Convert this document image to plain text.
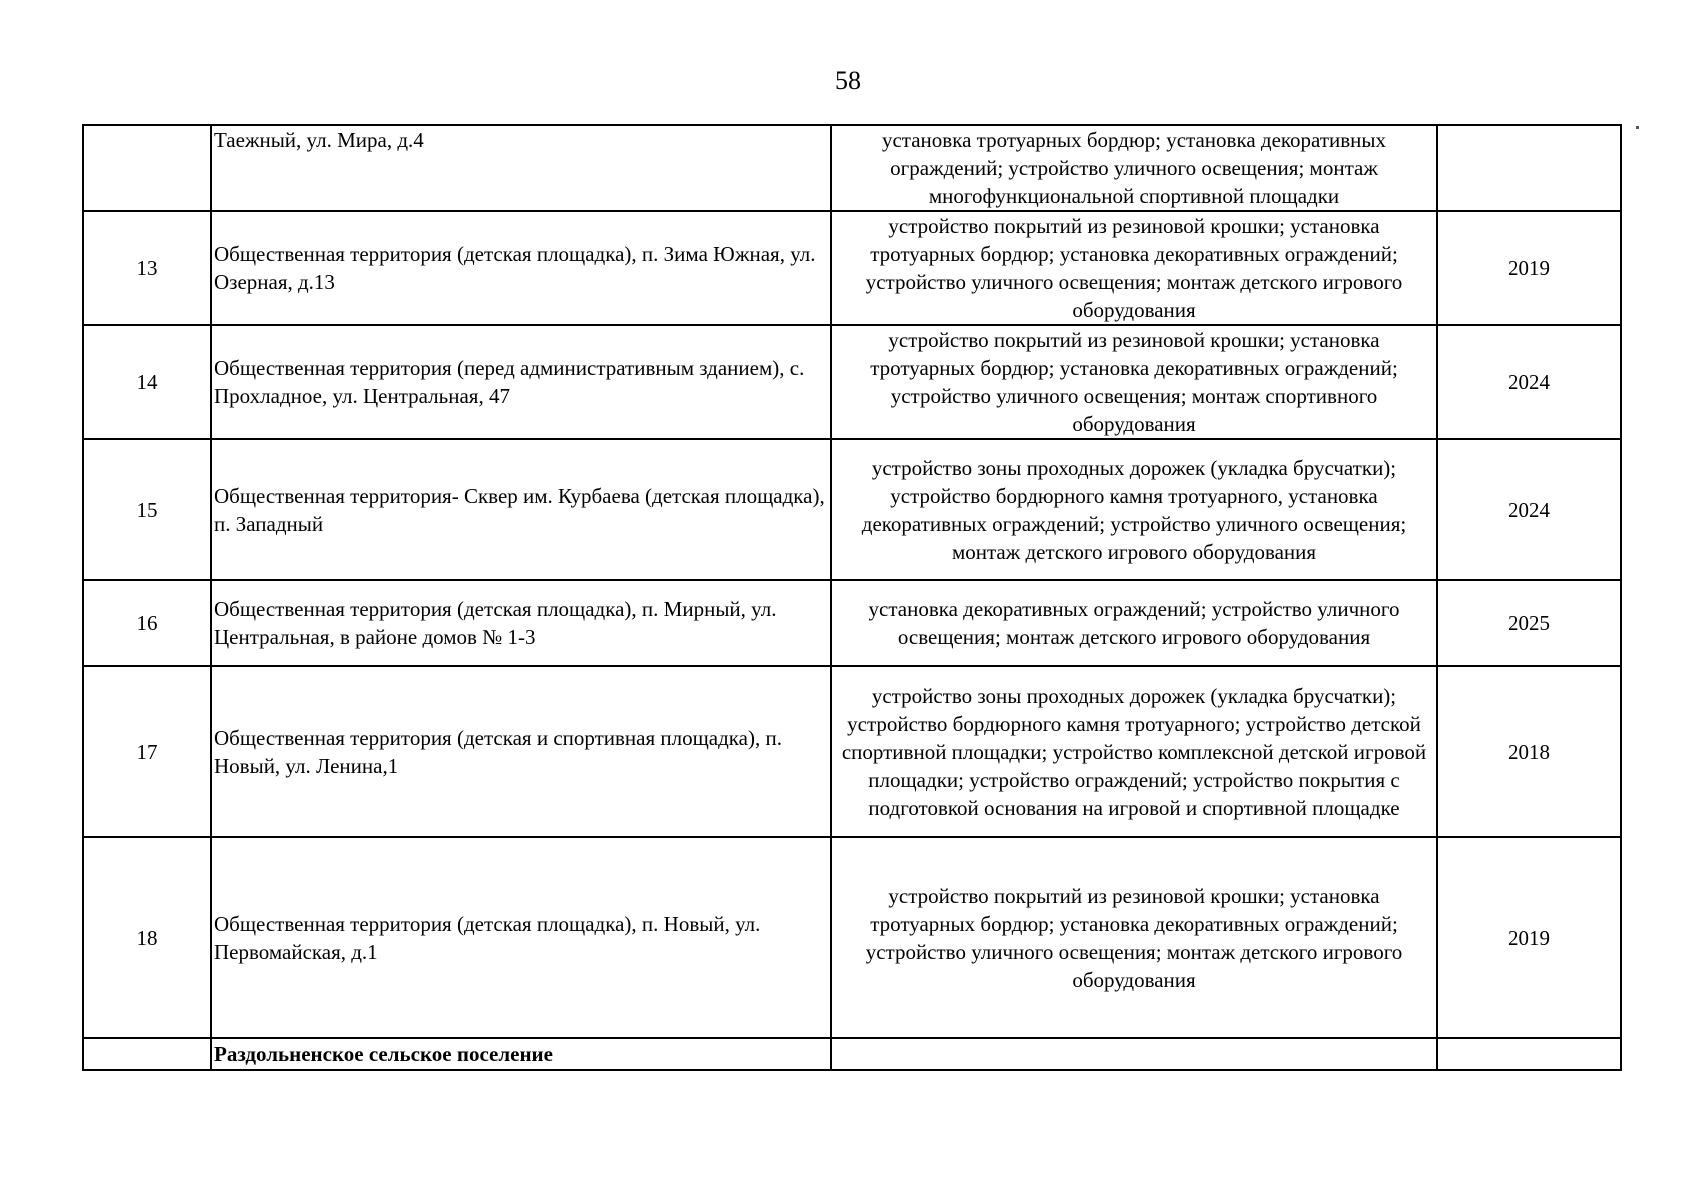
58
	Таежный, ул. Мира, д.4	установка тротуарных бордюр; установка декоративных ограждений; устройство уличного освещения; монтаж многофункциональной спортивной площадки	
13	Общественная территория (детская площадка), п. Зима Южная, ул. Озерная, д.13	устройство покрытий из резиновой крошки; установка тротуарных бордюр; установка декоративных ограждений; устройство уличного освещения; монтаж детского игрового оборудования	2019
14	Общественная территория (перед административным зданием), с. Прохладное, ул. Центральная, 47	устройство покрытий из резиновой крошки; установка тротуарных бордюр; установка декоративных ограждений; устройство уличного освещения; монтаж спортивного оборудования	2024
15	Общественная территория- Сквер им. Курбаева (детская площадка), п. Западный	устройство зоны проходных дорожек (укладка брусчатки); устройство бордюрного камня тротуарного, установка декоративных ограждений; устройство уличного освещения; монтаж детского игрового оборудования	2024
16	Общественная территория (детская площадка), п. Мирный, ул. Центральная, в районе домов № 1-3	установка декоративных ограждений; устройство уличного освещения; монтаж детского игрового оборудования	2025
17	Общественная территория (детская и спортивная площадка), п. Новый, ул. Ленина,1	устройство зоны проходных дорожек (укладка брусчатки); устройство бордюрного камня тротуарного; устройство детской спортивной площадки; устройство комплексной детской игровой площадки; устройство ограждений; устройство покрытия с подготовкой основания на игровой и спортивной площадке	2018
18	Общественная территория (детская площадка), п. Новый, ул. Первомайская, д.1	устройство покрытий из резиновой крошки; установка тротуарных бордюр; установка декоративных ограждений; устройство уличного освещения; монтаж детского игрового оборудования	2019
	Раздольненское сельское поселение		
